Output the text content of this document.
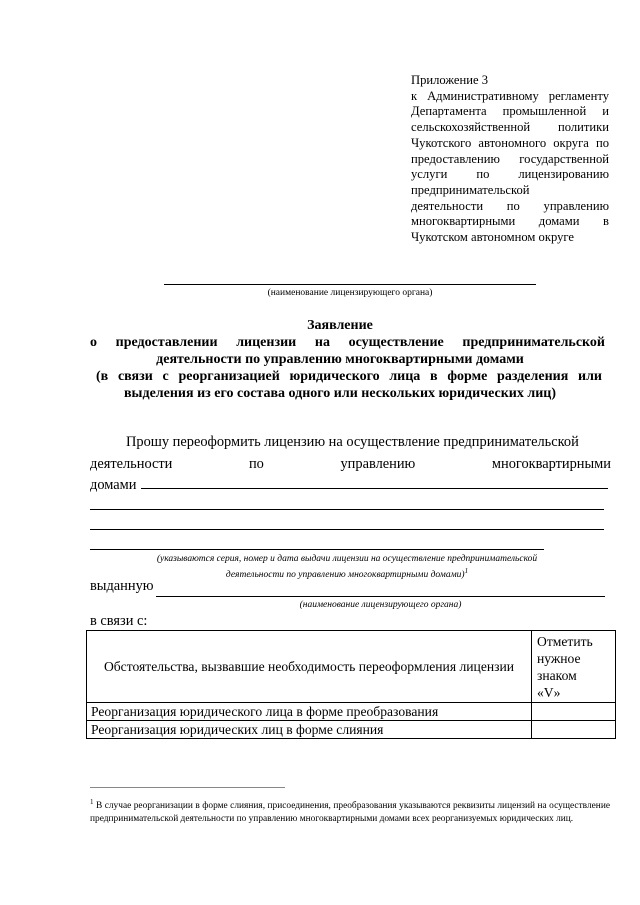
Приложение 3
к Административному регламенту
Департамента промышленной и
сельскохозяйственной политики
Чукотского автономного округа по
предоставлению государственной
услуги по лицензированию
предпринимательской
деятельности по управлению
многоквартирными домами в
Чукотском автономном округе
(наименование лицензирующего органа)
Заявление
о предоставлении лицензии на осуществление предпринимательской
деятельности по управлению многоквартирными домами
(в связи с реорганизацией юридического лица в форме разделения или
выделения из его состава одного или нескольких юридических лиц)
Прошу переоформить лицензию на осуществление предпринимательской
деятельности	по	управлению	многоквартирными
домами
(указываются серия, номер и дата выдачи лицензии на осуществление предпринимательской
деятельности по управлению многоквартирными домами)$^1$
выданную
(наименование лицензирующего органа)
в связи с:
Обстоятельства, вызвавшие необходимость переоформления лицензии	Отметить
нужное
знаком
«V»

Реорганизация юридического лица в форме преобразования	
Реорганизация юридических лиц в форме слияния	
$^1$ В случае реорганизации в форме слияния, присоединения, преобразования указываются реквизиты лицензий на осуществление предпринимательской деятельности по управлению многоквартирными домами всех реорганизуемых юридических лиц.
